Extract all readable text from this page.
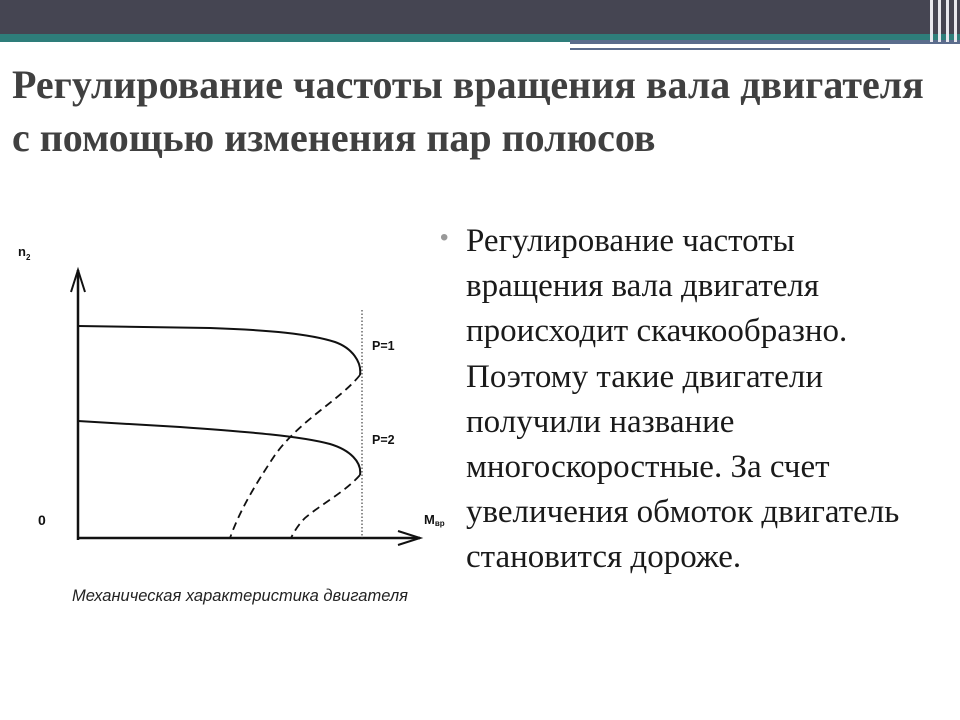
Регулирование частоты вращения вала двигателя с помощью изменения пар полюсов
• Регулирование частоты вращения вала двигателя происходит скачкообразно. Поэтому такие двигатели получили название многоскоростные. За счет увеличения обмоток двигатель становится дороже.

$n_2$
0	Mвр
P=1
P=2

Механическая характеристика двигателя
